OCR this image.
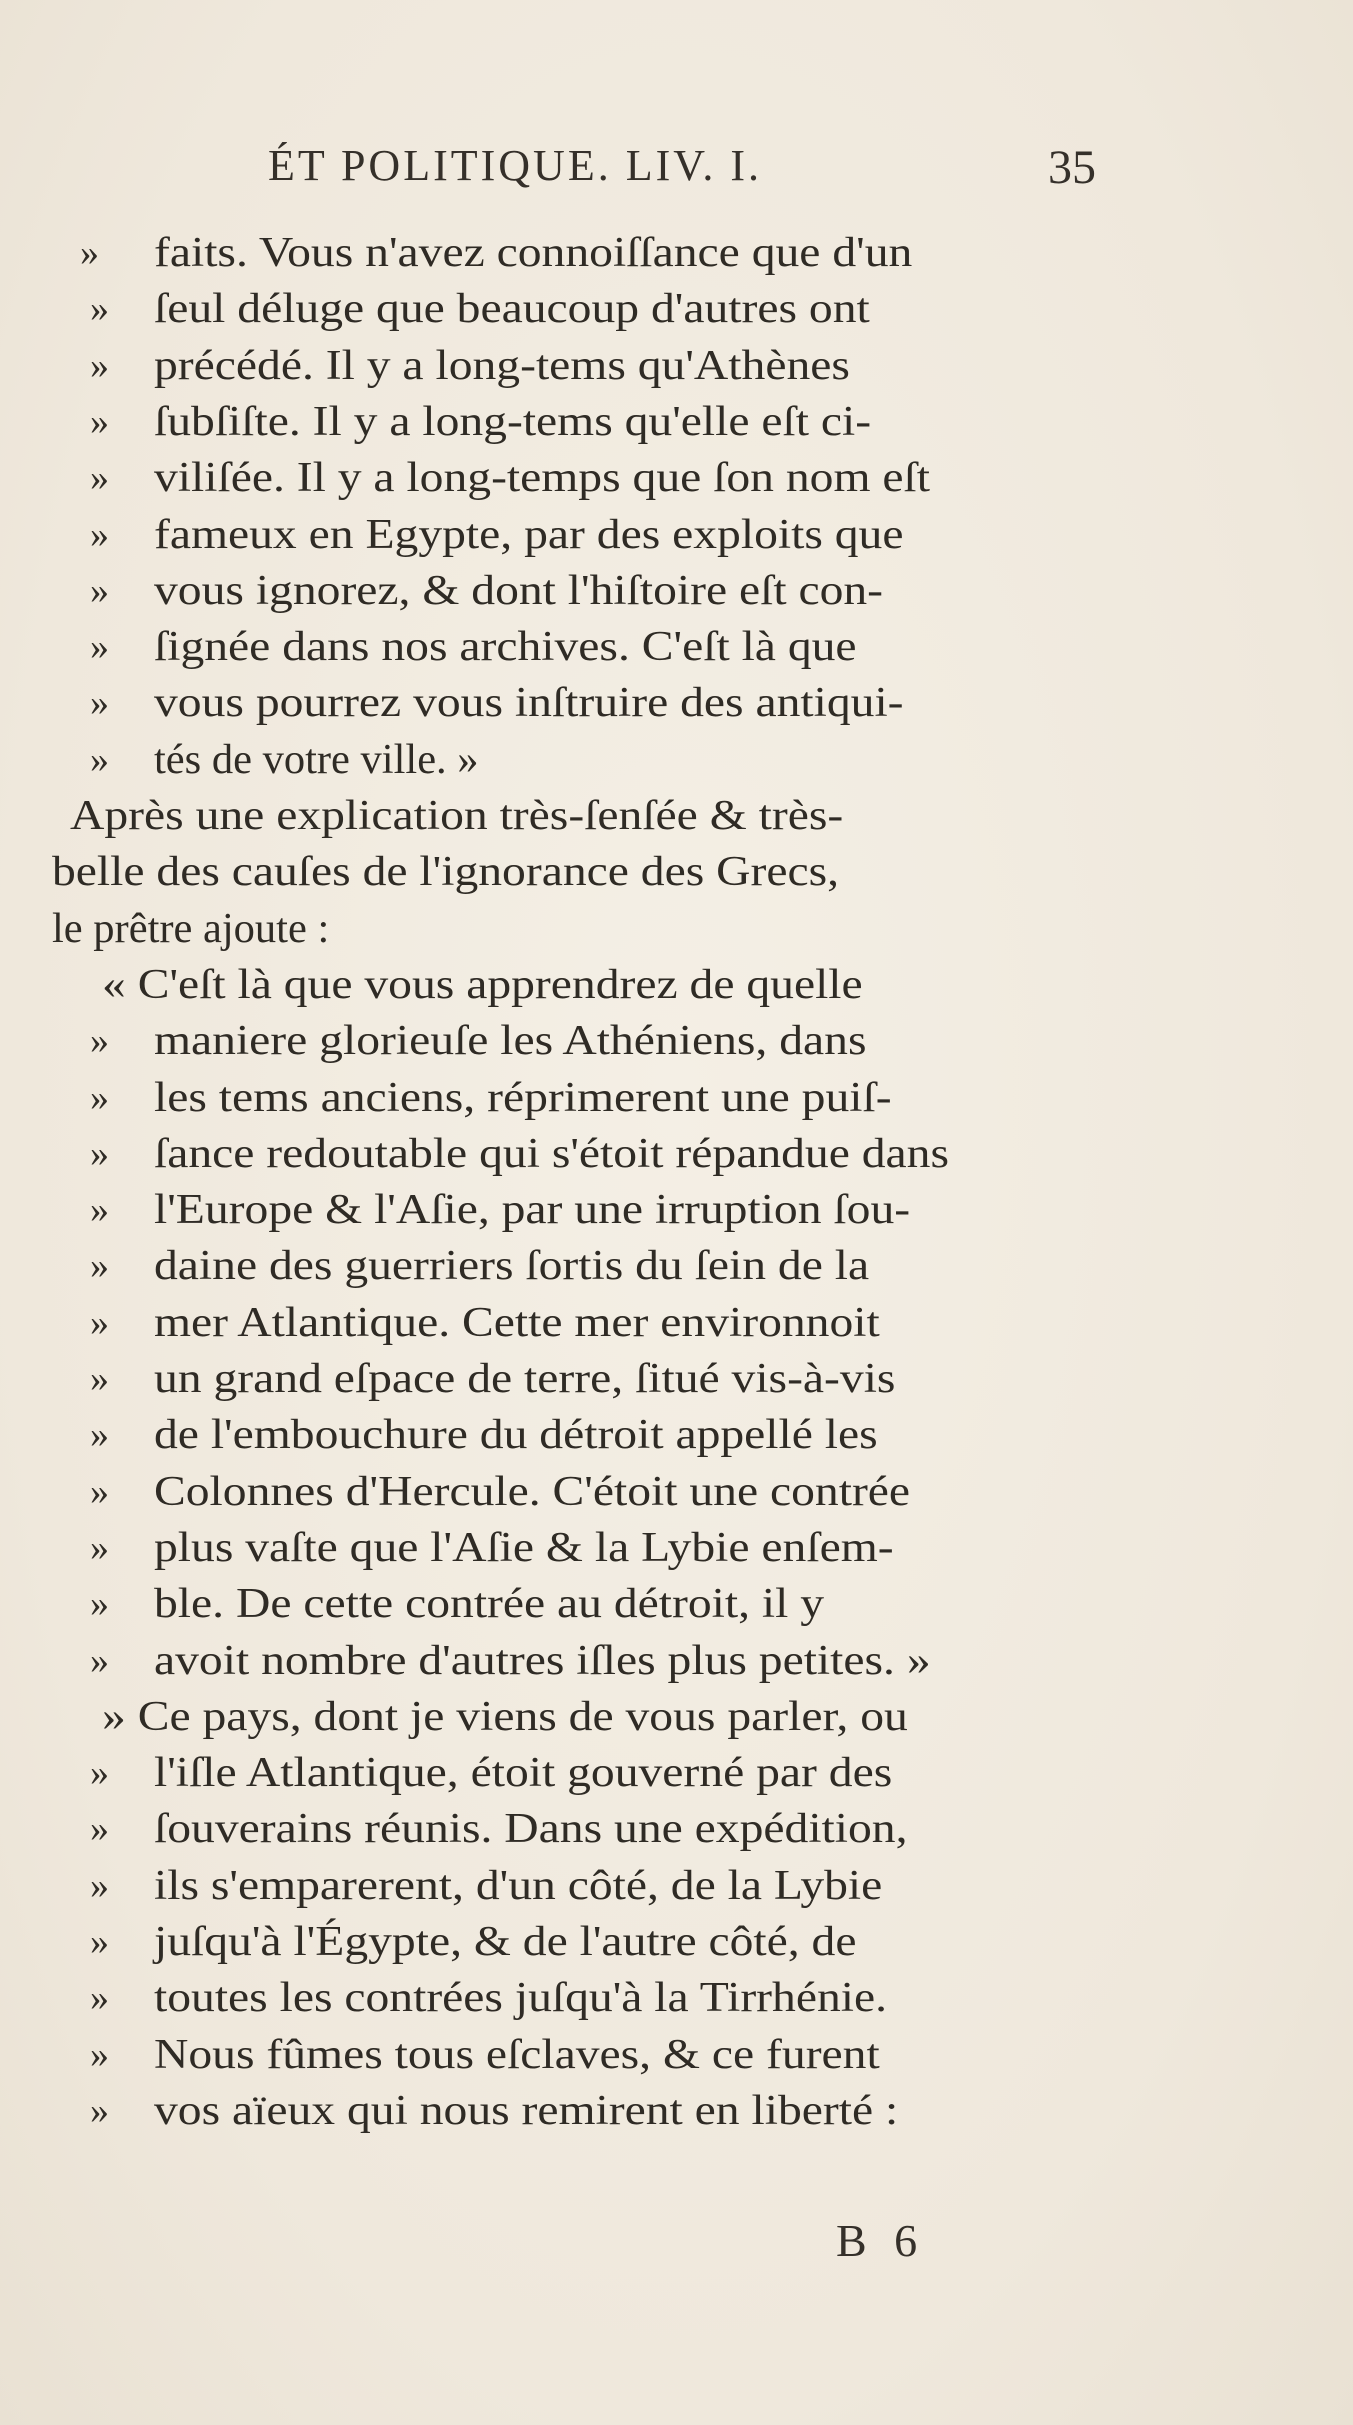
ÉT POLITIQUE. LIV. I.	35
»	faits. Vous n'avez connoiſſance que d'un
»	ſeul déluge que beaucoup d'autres ont
»	précédé. Il y a long-tems qu'Athènes
»	ſubſiſte. Il y a long-tems qu'elle eſt ci-
»	viliſée. Il y a long-temps que ſon nom eſt
»	fameux en Egypte, par des exploits que
»	vous ignorez, & dont l'hiſtoire eſt con-
»	ſignée dans nos archives. C'eſt là que
»	vous pourrez vous inſtruire des antiqui-
»	tés de votre ville. »
Après une explication très-ſenſée & très-
belle des cauſes de l'ignorance des Grecs,
le prêtre ajoute :
« C'eſt là que vous apprendrez de quelle
»	maniere glorieuſe les Athéniens, dans
»	les tems anciens, réprimerent une puiſ-
»	ſance redoutable qui s'étoit répandue dans
»	l'Europe & l'Aſie, par une irruption ſou-
»	daine des guerriers ſortis du ſein de la
»	mer Atlantique. Cette mer environnoit
»	un grand eſpace de terre, ſitué vis-à-vis
»	de l'embouchure du détroit appellé les
»	Colonnes d'Hercule. C'étoit une contrée
»	plus vaſte que l'Aſie & la Lybie enſem-
»	ble. De cette contrée au détroit, il y
»	avoit nombre d'autres iſles plus petites. »
» Ce pays, dont je viens de vous parler, ou
»	l'iſle Atlantique, étoit gouverné par des
»	ſouverains réunis. Dans une expédition,
»	ils s'emparerent, d'un côté, de la Lybie
»	juſqu'à l'Égypte, & de l'autre côté, de
»	toutes les contrées juſqu'à la Tirrhénie.
»	Nous fûmes tous eſclaves, & ce furent
»	vos aïeux qui nous remirent en liberté :
B 6
